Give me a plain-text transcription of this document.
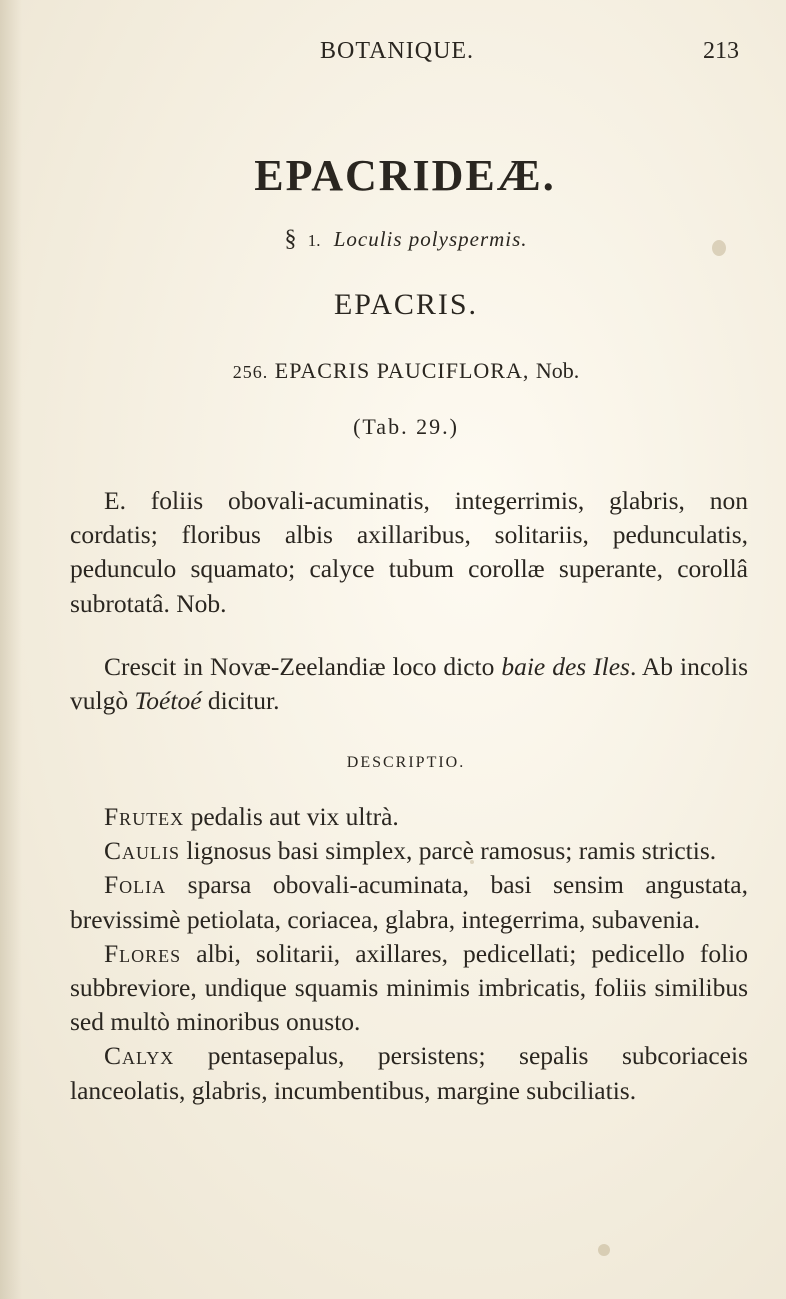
BOTANIQUE.	213
EPACRIDEÆ.
§ 1. Loculis polyspermis.
EPACRIS.
256. EPACRIS PAUCIFLORA, Nob.
(Tab. 29.)

E. foliis obovali-acuminatis, integerrimis, glabris, non cordatis; floribus albis axillaribus, solitariis, pedunculatis, pedunculo squamato; calyce tubum corollæ superante, corollâ subrotatâ. Nob.

Crescit in Novæ-Zeelandiæ loco dicto baie des Iles. Ab incolis vulgò Toétoé dicitur.

DESCRIPTIO.

Frutex pedalis aut vix ultrà.

Caulis lignosus basi simplex, parcè ramosus; ramis strictis.

Folia sparsa obovali-acuminata, basi sensim angustata, brevissimè petiolata, coriacea, glabra, integerrima, subavenia.

Flores albi, solitarii, axillares, pedicellati; pedicello folio subbreviore, undique squamis minimis imbricatis, foliis similibus sed multò minoribus onusto.

Calyx pentasepalus, persistens; sepalis subcoriaceis lanceolatis, glabris, incumbentibus, margine subciliatis.
